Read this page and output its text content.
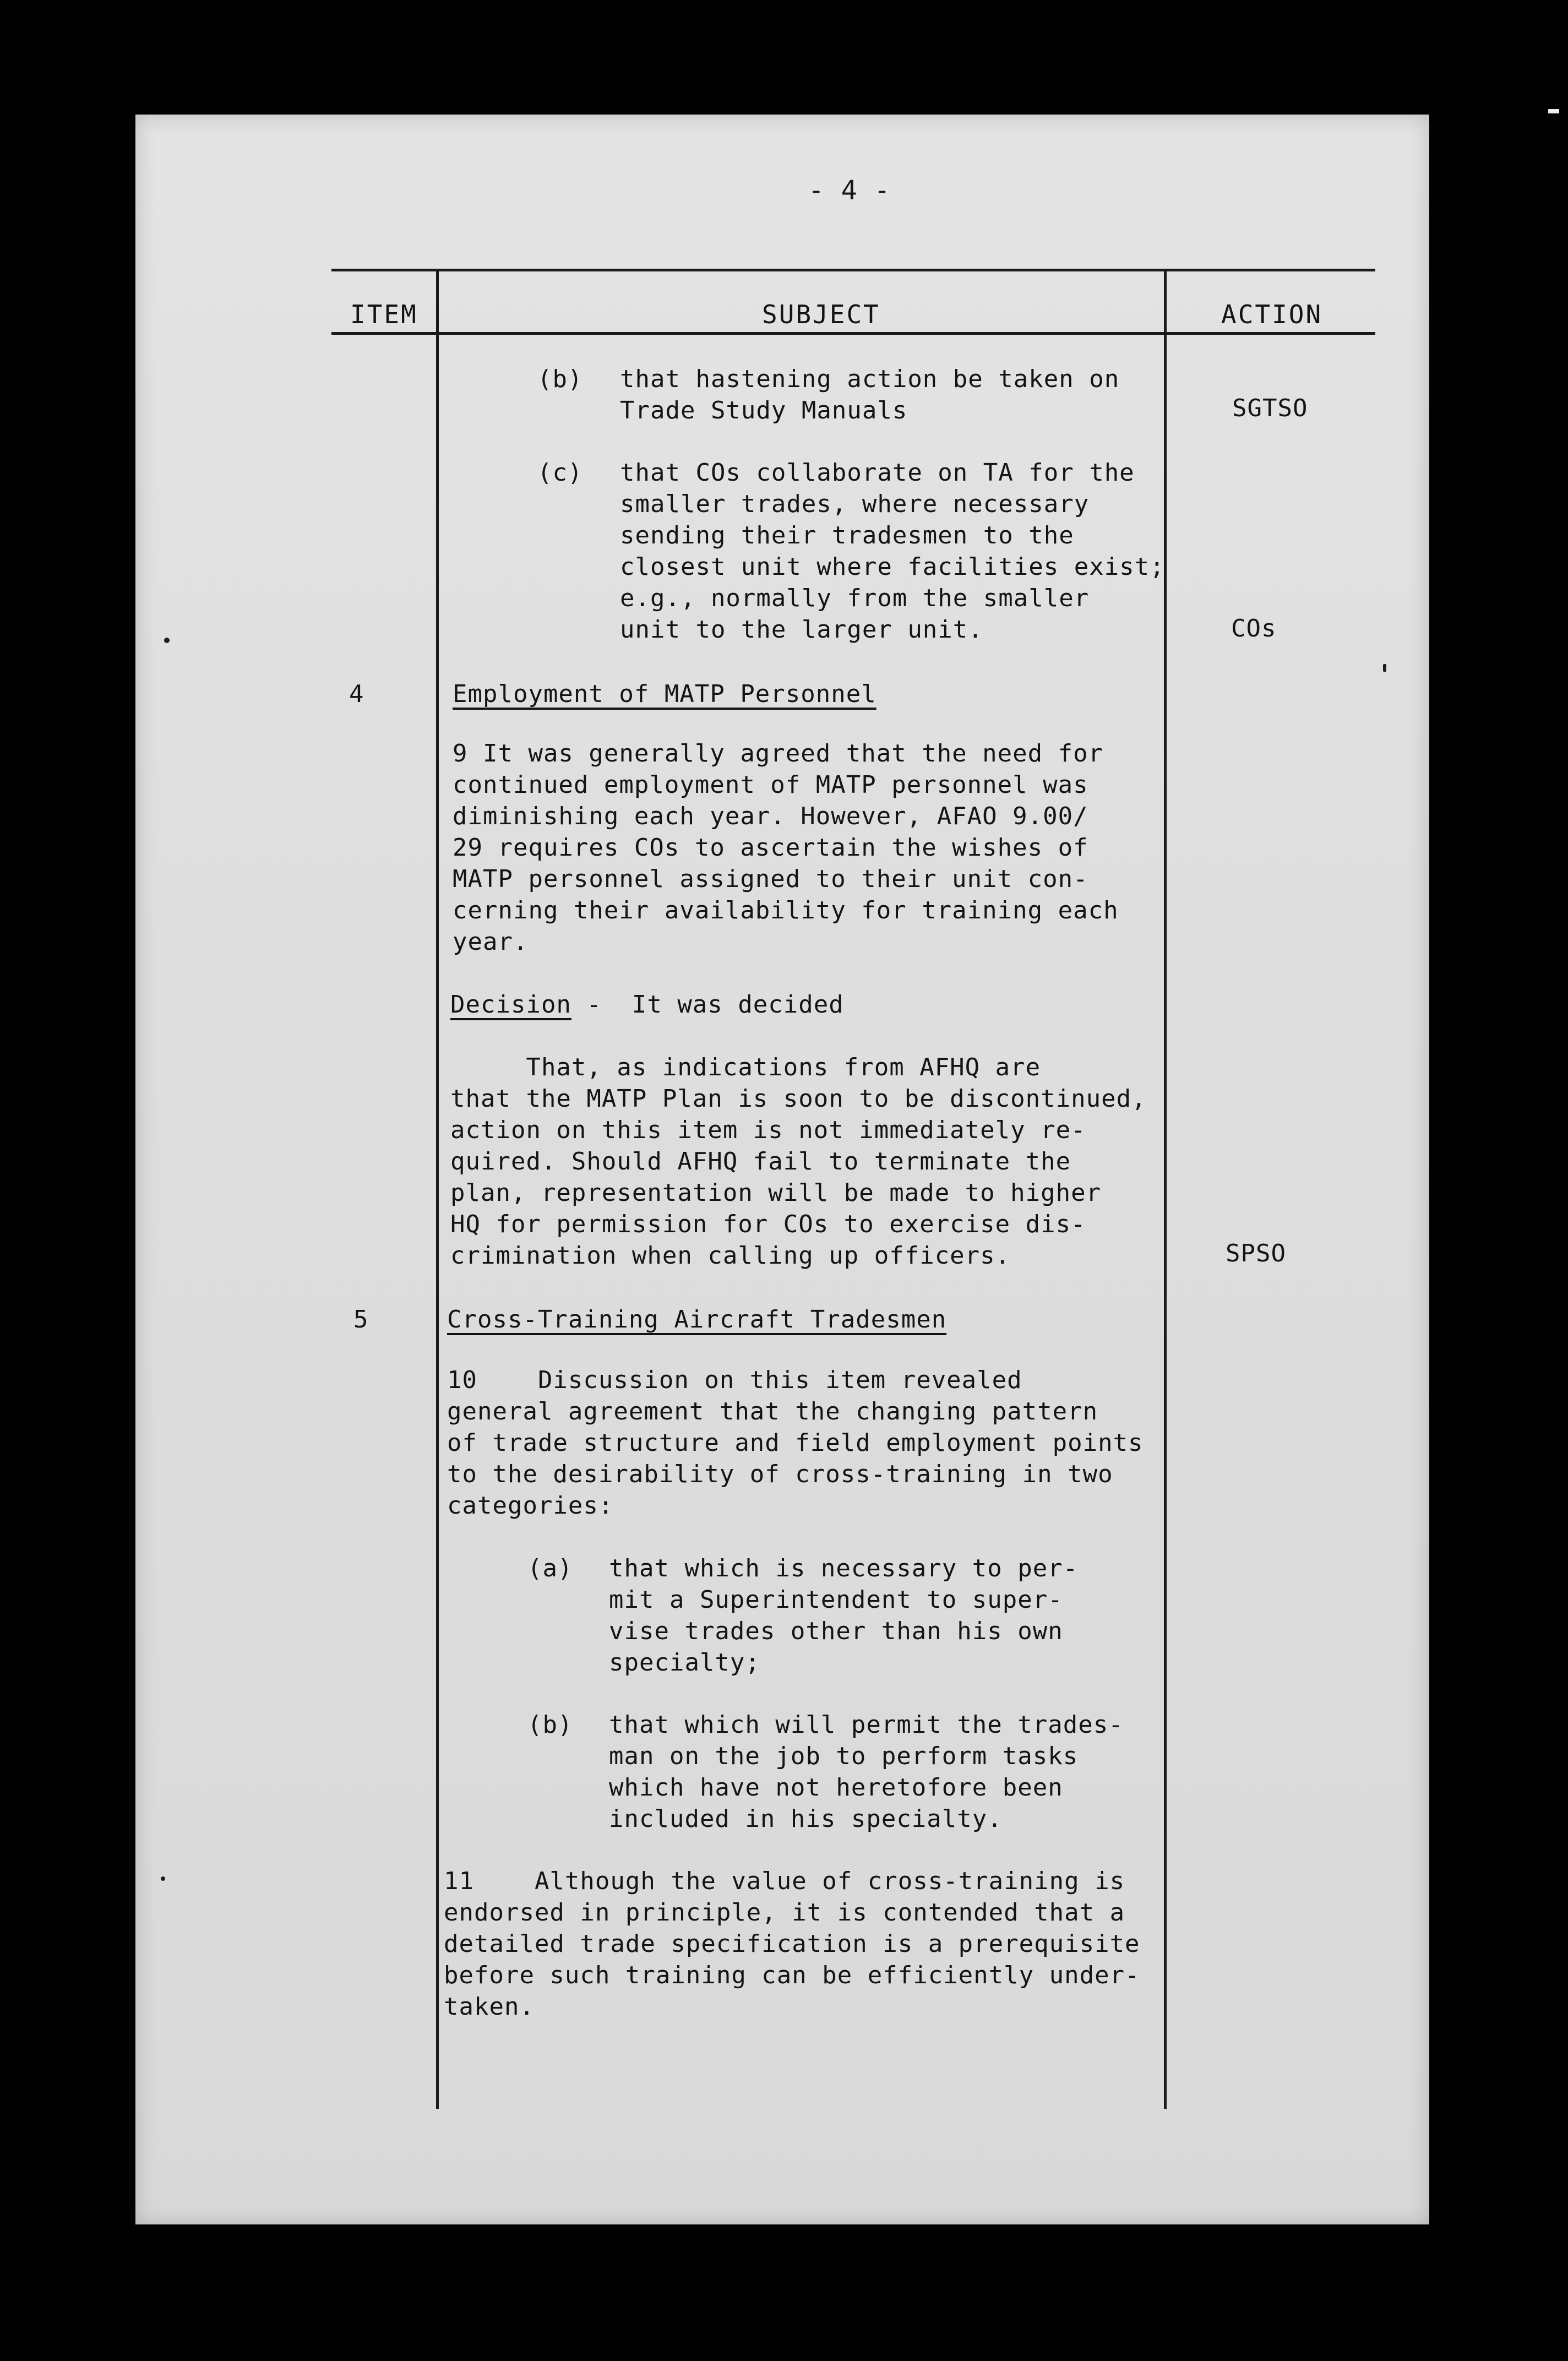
- 4 -
ITEM	SUBJECT	ACTION
(b) that hastening action be taken on
Trade Study Manuals	SGTSO
(c) that COs collaborate on TA for the
smaller trades, where necessary
sending their tradesmen to the
closest unit where facilities exist;
e.g., normally from the smaller
unit to the larger unit.	COs
4	Employment of MATP Personnel
9 It was generally agreed that the need for
continued employment of MATP personnel was
diminishing each year. However, AFAO 9.00/
29 requires COs to ascertain the wishes of
MATP personnel assigned to their unit con-
cerning their availability for training each
year.
Decision -  It was decided
That, as indications from AFHQ are
that the MATP Plan is soon to be discontinued,
action on this item is not immediately re-
quired. Should AFHQ fail to terminate the
plan, representation will be made to higher
HQ for permission for COs to exercise dis-
crimination when calling up officers.	SPSO
5	Cross-Training Aircraft Tradesmen
10    Discussion on this item revealed
general agreement that the changing pattern
of trade structure and field employment points
to the desirability of cross-training in two
categories:
(a) that which is necessary to per-
mit a Superintendent to super-
vise trades other than his own
specialty;
(b) that which will permit the trades-
man on the job to perform tasks
which have not heretofore been
included in his specialty.
11    Although the value of cross-training is
endorsed in principle, it is contended that a
detailed trade specification is a prerequisite
before such training can be efficiently under-
taken.
